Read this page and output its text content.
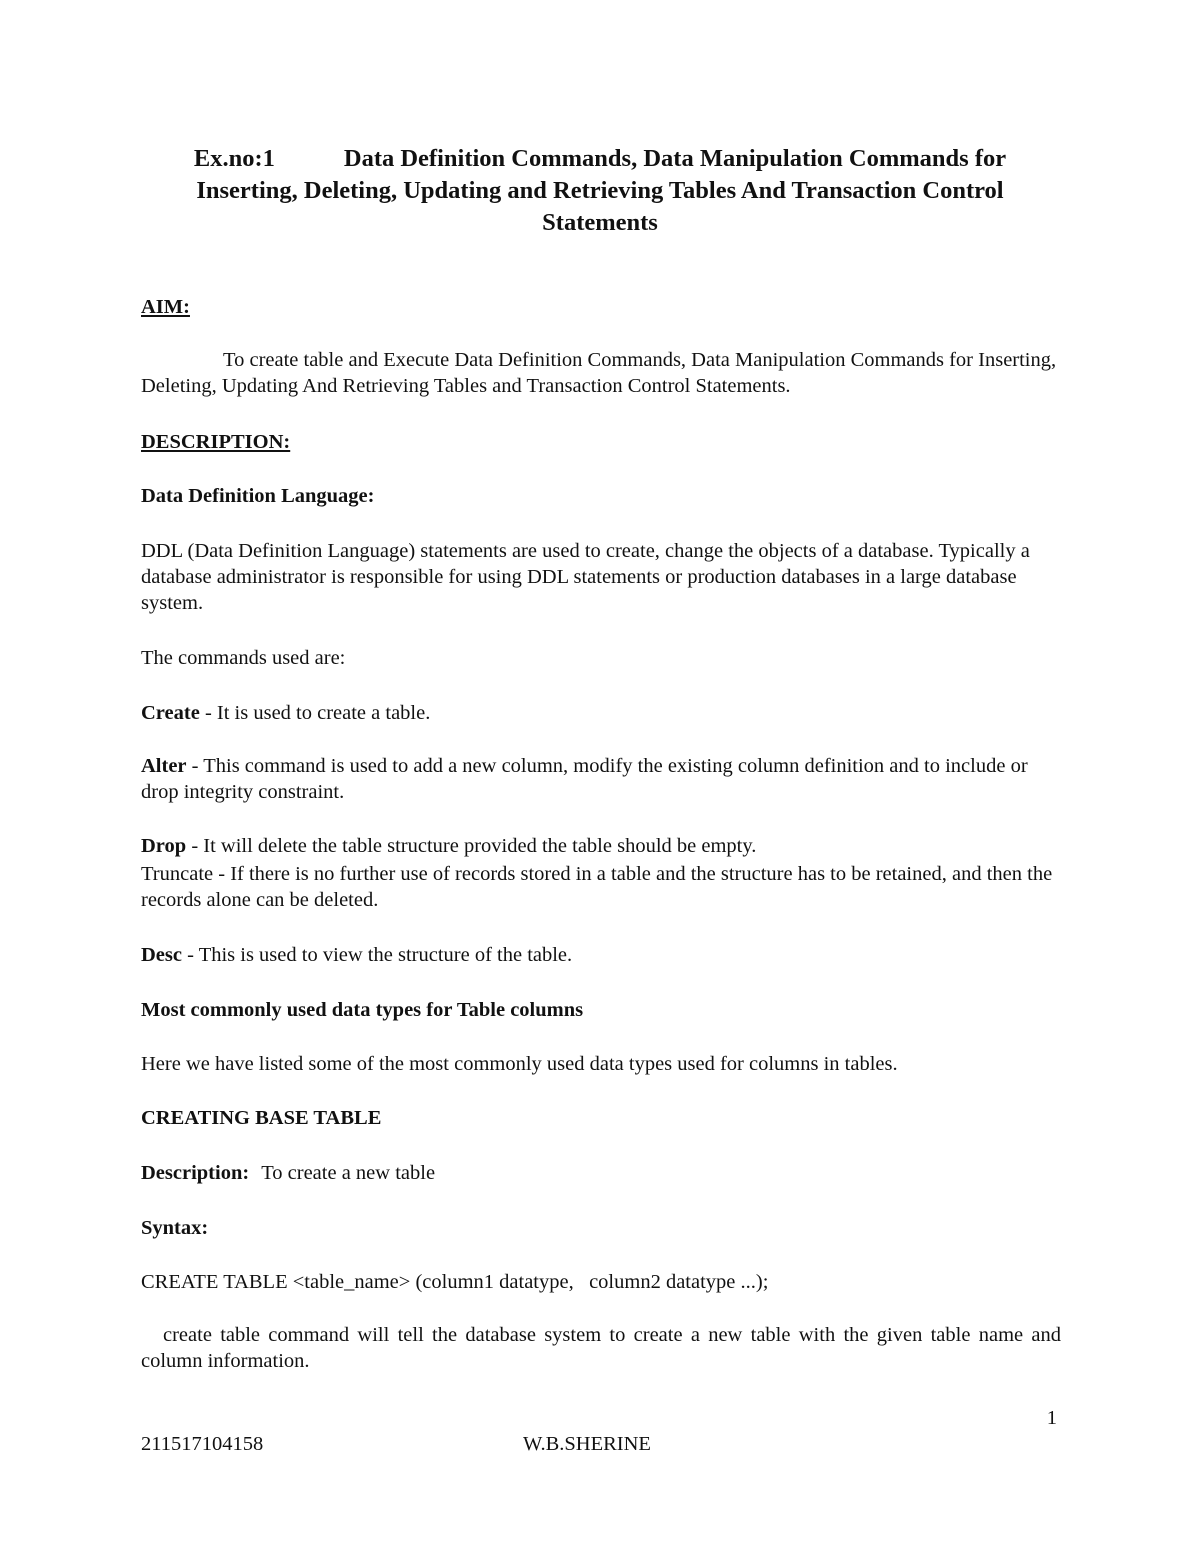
Ex.no:1	Data Definition Commands, Data Manipulation Commands for
Inserting, Deleting, Updating and Retrieving Tables And Transaction Control
Statements

AIM:

To create table and Execute Data Definition Commands, Data Manipulation Commands for Inserting, Deleting, Updating And Retrieving Tables and Transaction Control Statements.

DESCRIPTION:

Data Definition Language:

DDL (Data Definition Language) statements are used to create, change the objects of a database. Typically a database administrator is responsible for using DDL statements or production databases in a large database system.

The commands used are:

Create - It is used to create a table.

Alter - This command is used to add a new column, modify the existing column definition and to include or drop integrity constraint.

Drop - It will delete the table structure provided the table should be empty.

Truncate - If there is no further use of records stored in a table and the structure has to be retained, and then the records alone can be deleted.

Desc - This is used to view the structure of the table.

Most commonly used data types for Table columns

Here we have listed some of the most commonly used data types used for columns in tables.

CREATING BASE TABLE

Description: To create a new table

Syntax:

CREATE TABLE <table_name> (column1 datatype,   column2 datatype ...);

create table command will tell the database system to create a new table with the given table name and column information.

1
211517104158	W.B.SHERINE
